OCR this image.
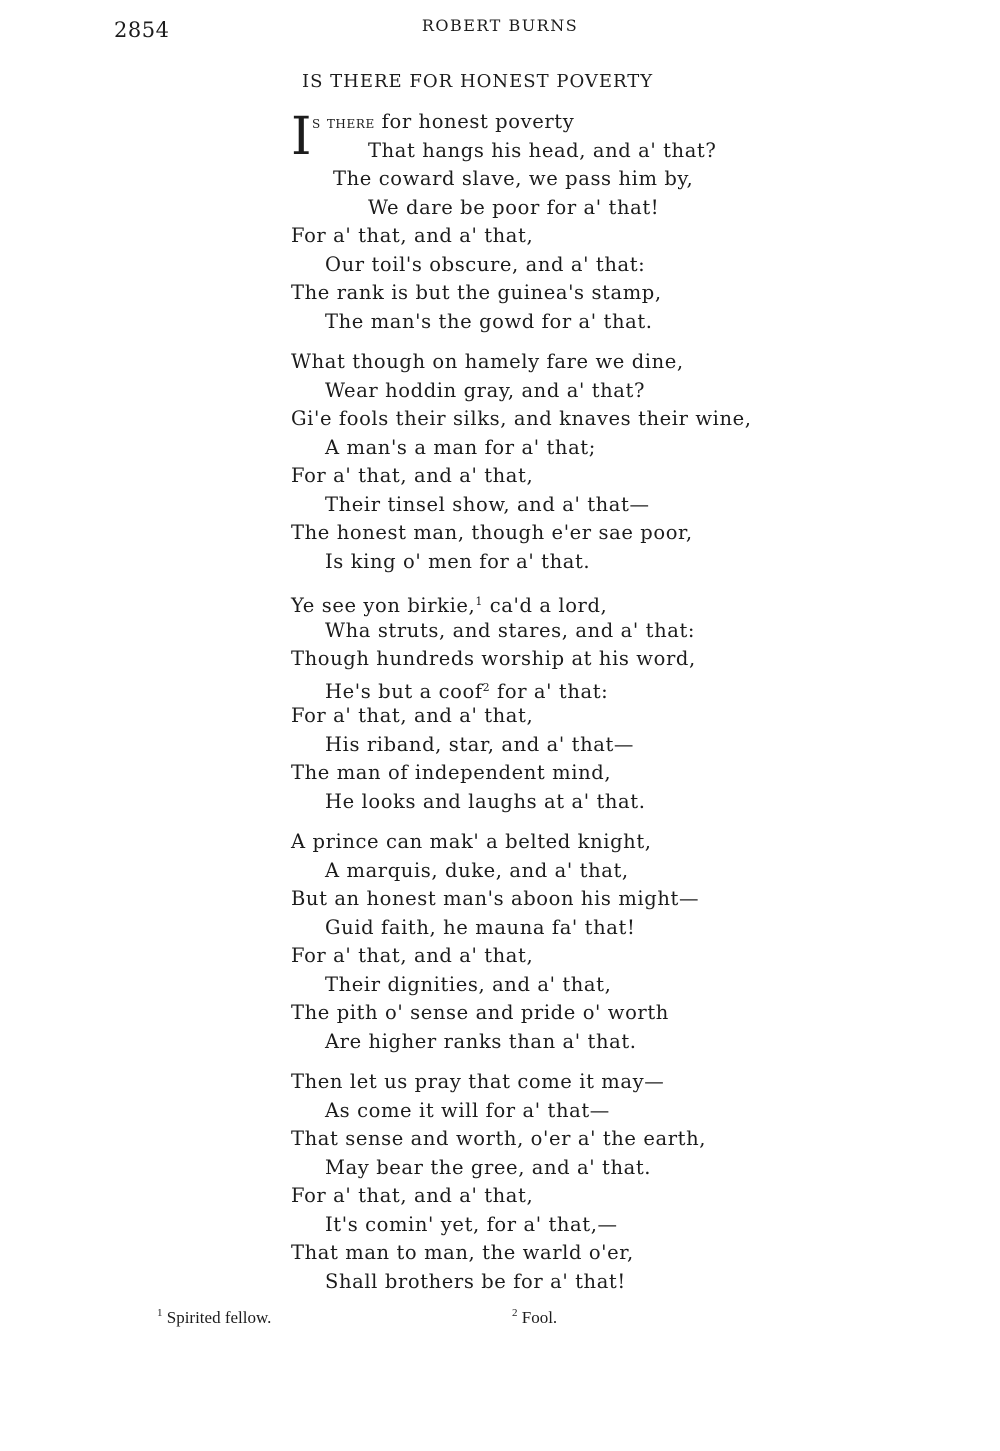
2854	ROBERT BURNS
IS THERE FOR HONEST POVERTY
I s there for honest poverty
That hangs his head, and a' that?
The coward slave, we pass him by,
We dare be poor for a' that!
For a' that, and a' that,
Our toil's obscure, and a' that:
The rank is but the guinea's stamp,
The man's the gowd for a' that.
What though on hamely fare we dine,
Wear hoddin gray, and a' that?
Gi'e fools their silks, and knaves their wine,
A man's a man for a' that;
For a' that, and a' that,
Their tinsel show, and a' that—
The honest man, though e'er sae poor,
Is king o' men for a' that.
Ye see yon birkie,$^1$ ca'd a lord,
Wha struts, and stares, and a' that:
Though hundreds worship at his word,
He's but a coof$^2$ for a' that:
For a' that, and a' that,
His riband, star, and a' that—
The man of independent mind,
He looks and laughs at a' that.
A prince can mak' a belted knight,
A marquis, duke, and a' that,
But an honest man's aboon his might—
Guid faith, he mauna fa' that!
For a' that, and a' that,
Their dignities, and a' that,
The pith o' sense and pride o' worth
Are higher ranks than a' that.
Then let us pray that come it may—
As come it will for a' that—
That sense and worth, o'er a' the earth,
May bear the gree, and a' that.
For a' that, and a' that,
It's comin' yet, for a' that,—
That man to man, the warld o'er,
Shall brothers be for a' that!
$^1$ Spirited fellow.	$^2$ Fool.
